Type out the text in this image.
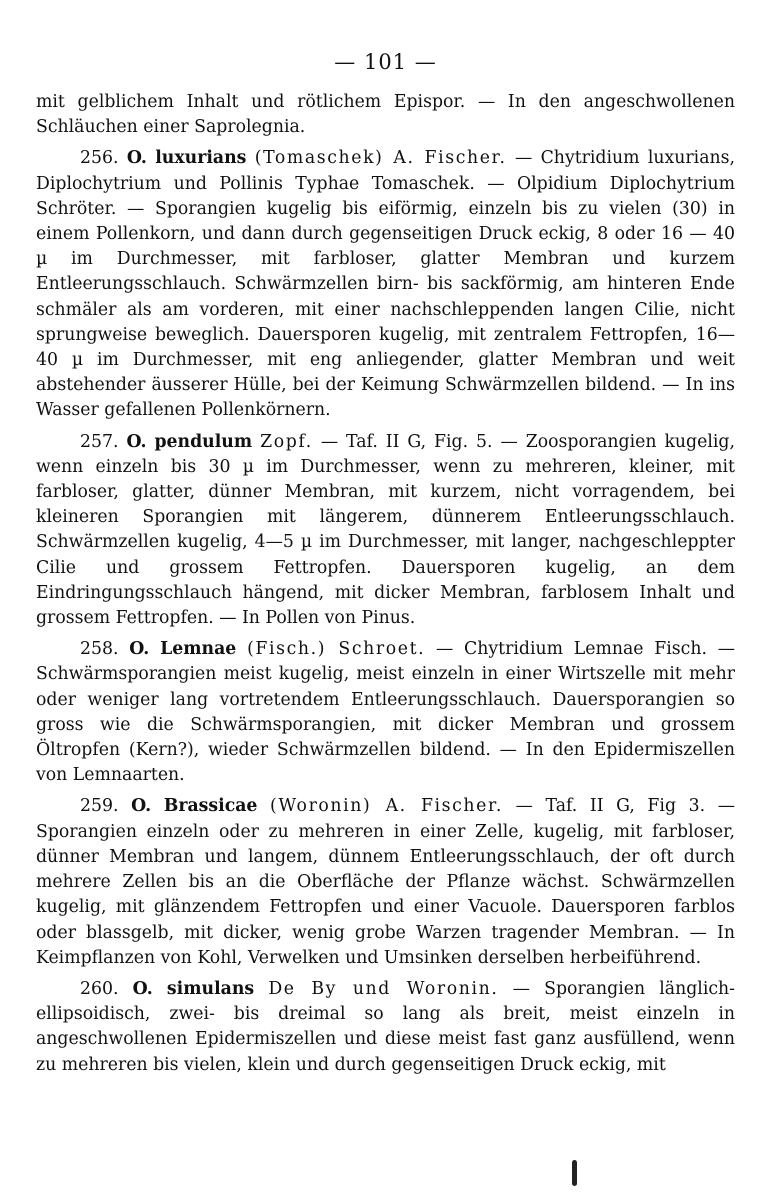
— 101 —

mit gelblichem Inhalt und rötlichem Epispor. — In den angeschwollenen Schläuchen einer Saprolegnia.

256. O. luxurians (Tomaschek) A. Fischer. — Chytridium luxurians, Diplochytrium und Pollinis Typhae Tomaschek. — Olpidium Diplochytrium Schröter. — Sporangien kugelig bis eiförmig, einzeln bis zu vielen (30) in einem Pollenkorn, und dann durch gegenseitigen Druck eckig, 8 oder 16 — 40 µ im Durchmesser, mit farbloser, glatter Membran und kurzem Entleerungsschlauch. Schwärmzellen birn- bis sackförmig, am hinteren Ende schmäler als am vorderen, mit einer nachschleppenden langen Cilie, nicht sprungweise beweglich. Dauersporen kugelig, mit zentralem Fettropfen, 16—40 µ im Durchmesser, mit eng anliegender, glatter Membran und weit abstehender äusserer Hülle, bei der Keimung Schwärmzellen bildend. — In ins Wasser gefallenen Pollenkörnern.

257. O. pendulum Zopf. — Taf. II G, Fig. 5. — Zoosporangien kugelig, wenn einzeln bis 30 µ im Durchmesser, wenn zu mehreren, kleiner, mit farbloser, glatter, dünner Membran, mit kurzem, nicht vorragendem, bei kleineren Sporangien mit längerem, dünnerem Entleerungsschlauch. Schwärmzellen kugelig, 4—5 µ im Durchmesser, mit langer, nachgeschleppter Cilie und grossem Fettropfen. Dauersporen kugelig, an dem Eindringungsschlauch hängend, mit dicker Membran, farblosem Inhalt und grossem Fettropfen. — In Pollen von Pinus.

258. O. Lemnae (Fisch.) Schroet. — Chytridium Lemnae Fisch. — Schwärmsporangien meist kugelig, meist einzeln in einer Wirtszelle mit mehr oder weniger lang vortretendem Entleerungsschlauch. Dauersporangien so gross wie die Schwärmsporangien, mit dicker Membran und grossem Öltropfen (Kern?), wieder Schwärmzellen bildend. — In den Epidermiszellen von Lemnaarten.

259. O. Brassicae (Woronin) A. Fischer. — Taf. II G, Fig 3. — Sporangien einzeln oder zu mehreren in einer Zelle, kugelig, mit farbloser, dünner Membran und langem, dünnem Entleerungsschlauch, der oft durch mehrere Zellen bis an die Oberfläche der Pflanze wächst. Schwärmzellen kugelig, mit glänzendem Fettropfen und einer Vacuole. Dauersporen farblos oder blassgelb, mit dicker, wenig grobe Warzen tragender Membran. — In Keimpflanzen von Kohl, Verwelken und Umsinken derselben herbeiführend.

260. O. simulans De By und Woronin. — Sporangien länglich-ellipsoidisch, zwei- bis dreimal so lang als breit, meist einzeln in angeschwollenen Epidermiszellen und diese meist fast ganz ausfüllend, wenn zu mehreren bis vielen, klein und durch gegenseitigen Druck eckig, mit
